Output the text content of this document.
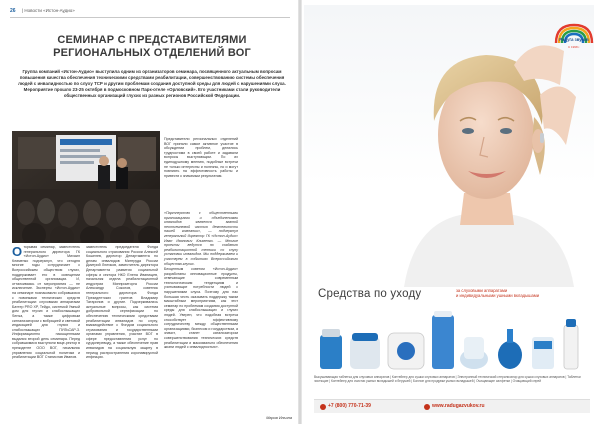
26 | Новости «Истон-Аудио»
СЕМИНАР С ПРЕДСТАВИТЕЛЯМИ РЕГИОНАЛЬНЫХ ОТДЕЛЕНИЙ ВОГ
Группа компаний «Истон-Аудио» выступила одним из организаторов семинара, посвященного актуальным вопросам повышения качества обеспечения техническими средствами реабилитации, совершенствованию системы обеспечения людей с инвалидностью по слуху ТСР и другим проблемам создания доступной среды для людей с нарушениями слуха. Мероприятие прошло 23-25 октября в подмосковном Парк-отеле «Орловский». Его участниками стали руководители общественных организаций глухих из разных регионов Российской Федерации.
Открывая семинар, заместитель генерального директора ГК «Истон-Аудио» Михаил Клименко подчеркнул, что сегодня многие годы сотрудничает с Всероссийским обществом глухих, поддерживает его в освещении общественной организации. И, отталкиваясь от мероприятия — не исключение. Эксперты «Истон-Аудио» на семинаре познакомили собравшихся с новинками технических средств реабилитации: слуховыми аппаратами Баттер PRO XP, Тейдо, системой Умный дом для глухих и слабослышащих Sensa, а также цифровым сигнализатором с вибрацией и световой индикацией для глухих и слабослышащих ПУЛЬСАР-3. Информационно насыщенными выдался второй день семинара. Перед собравшимися выступили вице-ректор в президенте ООО ВОГ, начальник управления социальной политики и реабилитации ВОГ Станислав Иванов.
заместитель председателя Фонда социального страхования России Алексей Кошелев, директор Департамента по делам инвалидов Минтруда России Дмитрий Лютиков, заместитель директора Департамента развития социальной сферы и сектора НКО Елена Иванищев, начальник отдела реабилитационной индустрии Минпромторга России Александр Соколов, советник генерального директора Фонда Президентских грантов Владимир Татаринов и другие. Подчеркивались актуальные вопросы, как система добровольной сертификации по обеспечению техническими средствами реабилитации инвалидов по слуху, взаимодействие с Фондом социального страхования и государственными органами управления, участие ВОГ в сфере предоставления услуг по сурдопереводу, а также обеспечение прав инвалидов на социальную защиту в период распространения коронавирусной инфекции.
Представители региональных отделений ВОГ приняли самое активное участие в обсуждении проблем, делились трудностями в своей работе и задавали вопросы выступающим. По их единодушному мнению, подобные встречи не только интересны и полезны, но и могут повлиять на эффективность работы и привести к значимым результатам.
«Партнерство с общественными организациями и объединениями инвалидов является важной неотъемлемой частью деятельности нашей компании», — подчеркнул генеральный директор ГК «Истон-Аудио» Иван Иванович Клименко. — Многие проекты ведутся по созданию реабилитационной техники со слуху установки инвалидов. Мы поддерживаем и участвуем в событиях Всероссийского общества глухих.
Бесценным советом «Истон-Аудио» разработаны инновационные продукты, отвечающие современным технологическим тенденциям и учитывающие потребности людей с нарушениями слуха. Поэтому для нас большая честь оказывать поддержку таким масштабным мероприятиям, как этот семинар по проблемам создания доступной среды для слабослышащих и глухих людей. Уверен, что подобная встреча способствует эффективному сотрудничеству между общественными организациями, бизнесом и государством, а значит, станет катализатором совершенствования технических средств реабилитации и максимально обеспечения жизни людей с инвалидностью».
Мария Ильина
Радуга звуков
С 1998 г.
Средства по уходу	за слуховыми аппаратами
и индивидуальными ушными вкладышами
Высушивающая таблетка для слуховых аппаратов | Контейнер для сушки слуховых аппаратов | Электронный технический стерилизатор для сушки слуховых аппаратов | Таблетки чистящие | Контейнер для очистки ушных вкладышей и берушей | Баллон для продувки ушных вкладышей | Очищающие салфетки | Очищающий спрей
+7 (800) 770-71-39	www.radugazvukov.ru
